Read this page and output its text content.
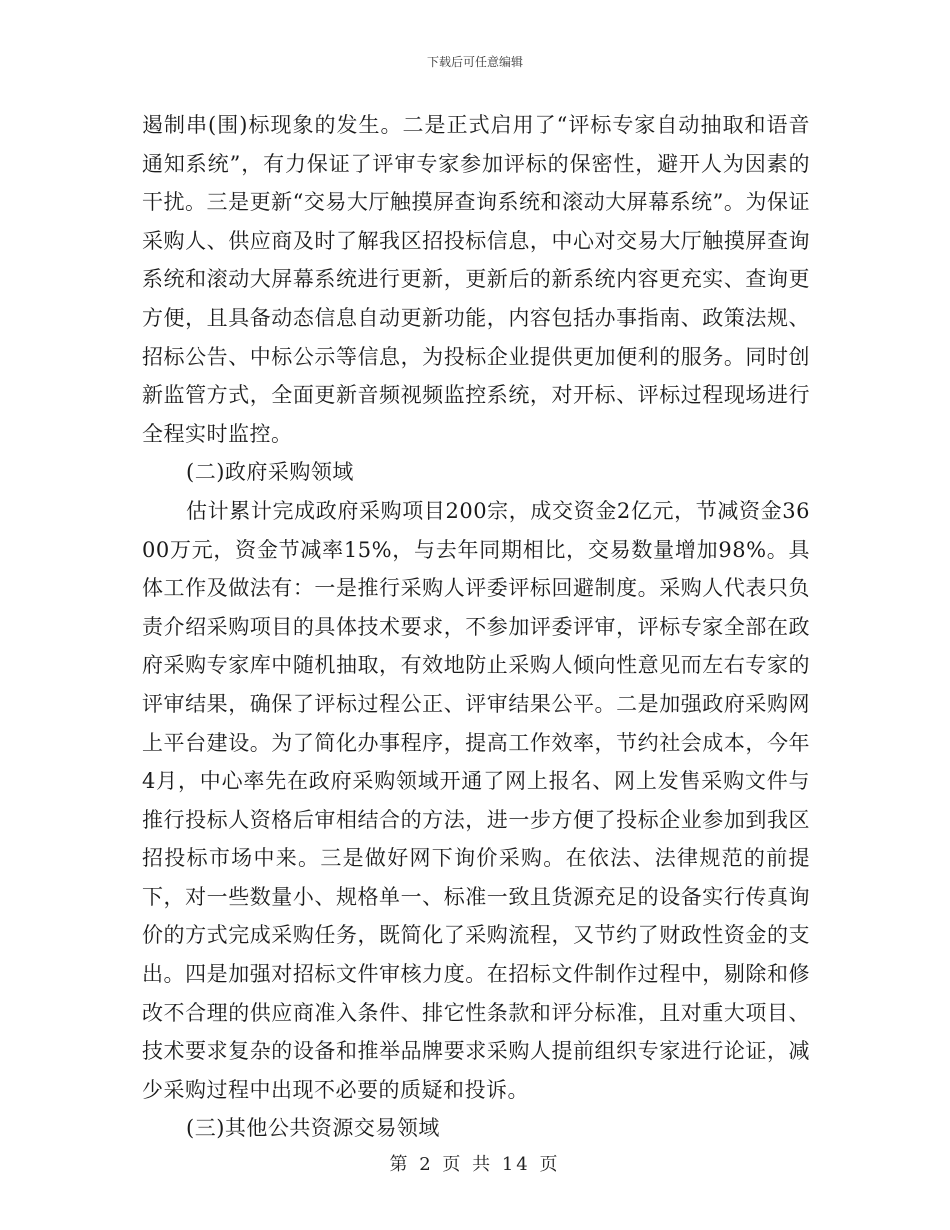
下载后可任意编辑

遏制串(围)标现象的发生。二是正式启用了“评标专家自动抽取和语音通知系统”，有力保证了评审专家参加评标的保密性，避开人为因素的干扰。三是更新“交易大厅触摸屏查询系统和滚动大屏幕系统”。为保证采购人、供应商及时了解我区招投标信息，中心对交易大厅触摸屏查询系统和滚动大屏幕系统进行更新，更新后的新系统内容更充实、查询更方便，且具备动态信息自动更新功能，内容包括办事指南、政策法规、招标公告、中标公示等信息，为投标企业提供更加便利的服务。同时创新监管方式，全面更新音频视频监控系统，对开标、评标过程现场进行全程实时监控。

(二)政府采购领域

估计累计完成政府采购项目200宗，成交资金2亿元，节减资金3600万元，资金节减率15%，与去年同期相比，交易数量增加98%。具体工作及做法有：一是推行采购人评委评标回避制度。采购人代表只负责介绍采购项目的具体技术要求，不参加评委评审，评标专家全部在政府采购专家库中随机抽取，有效地防止采购人倾向性意见而左右专家的评审结果，确保了评标过程公正、评审结果公平。二是加强政府采购网上平台建设。为了简化办事程序，提高工作效率，节约社会成本，今年4月，中心率先在政府采购领域开通了网上报名、网上发售采购文件与推行投标人资格后审相结合的方法，进一步方便了投标企业参加到我区招投标市场中来。三是做好网下询价采购。在依法、法律规范的前提下，对一些数量小、规格单一、标准一致且货源充足的设备实行传真询价的方式完成采购任务，既简化了采购流程，又节约了财政性资金的支出。四是加强对招标文件审核力度。在招标文件制作过程中，剔除和修改不合理的供应商准入条件、排它性条款和评分标准，且对重大项目、技术要求复杂的设备和推举品牌要求采购人提前组织专家进行论证，减少采购过程中出现不必要的质疑和投诉。

(三)其他公共资源交易领域

第 2 页 共 14 页
